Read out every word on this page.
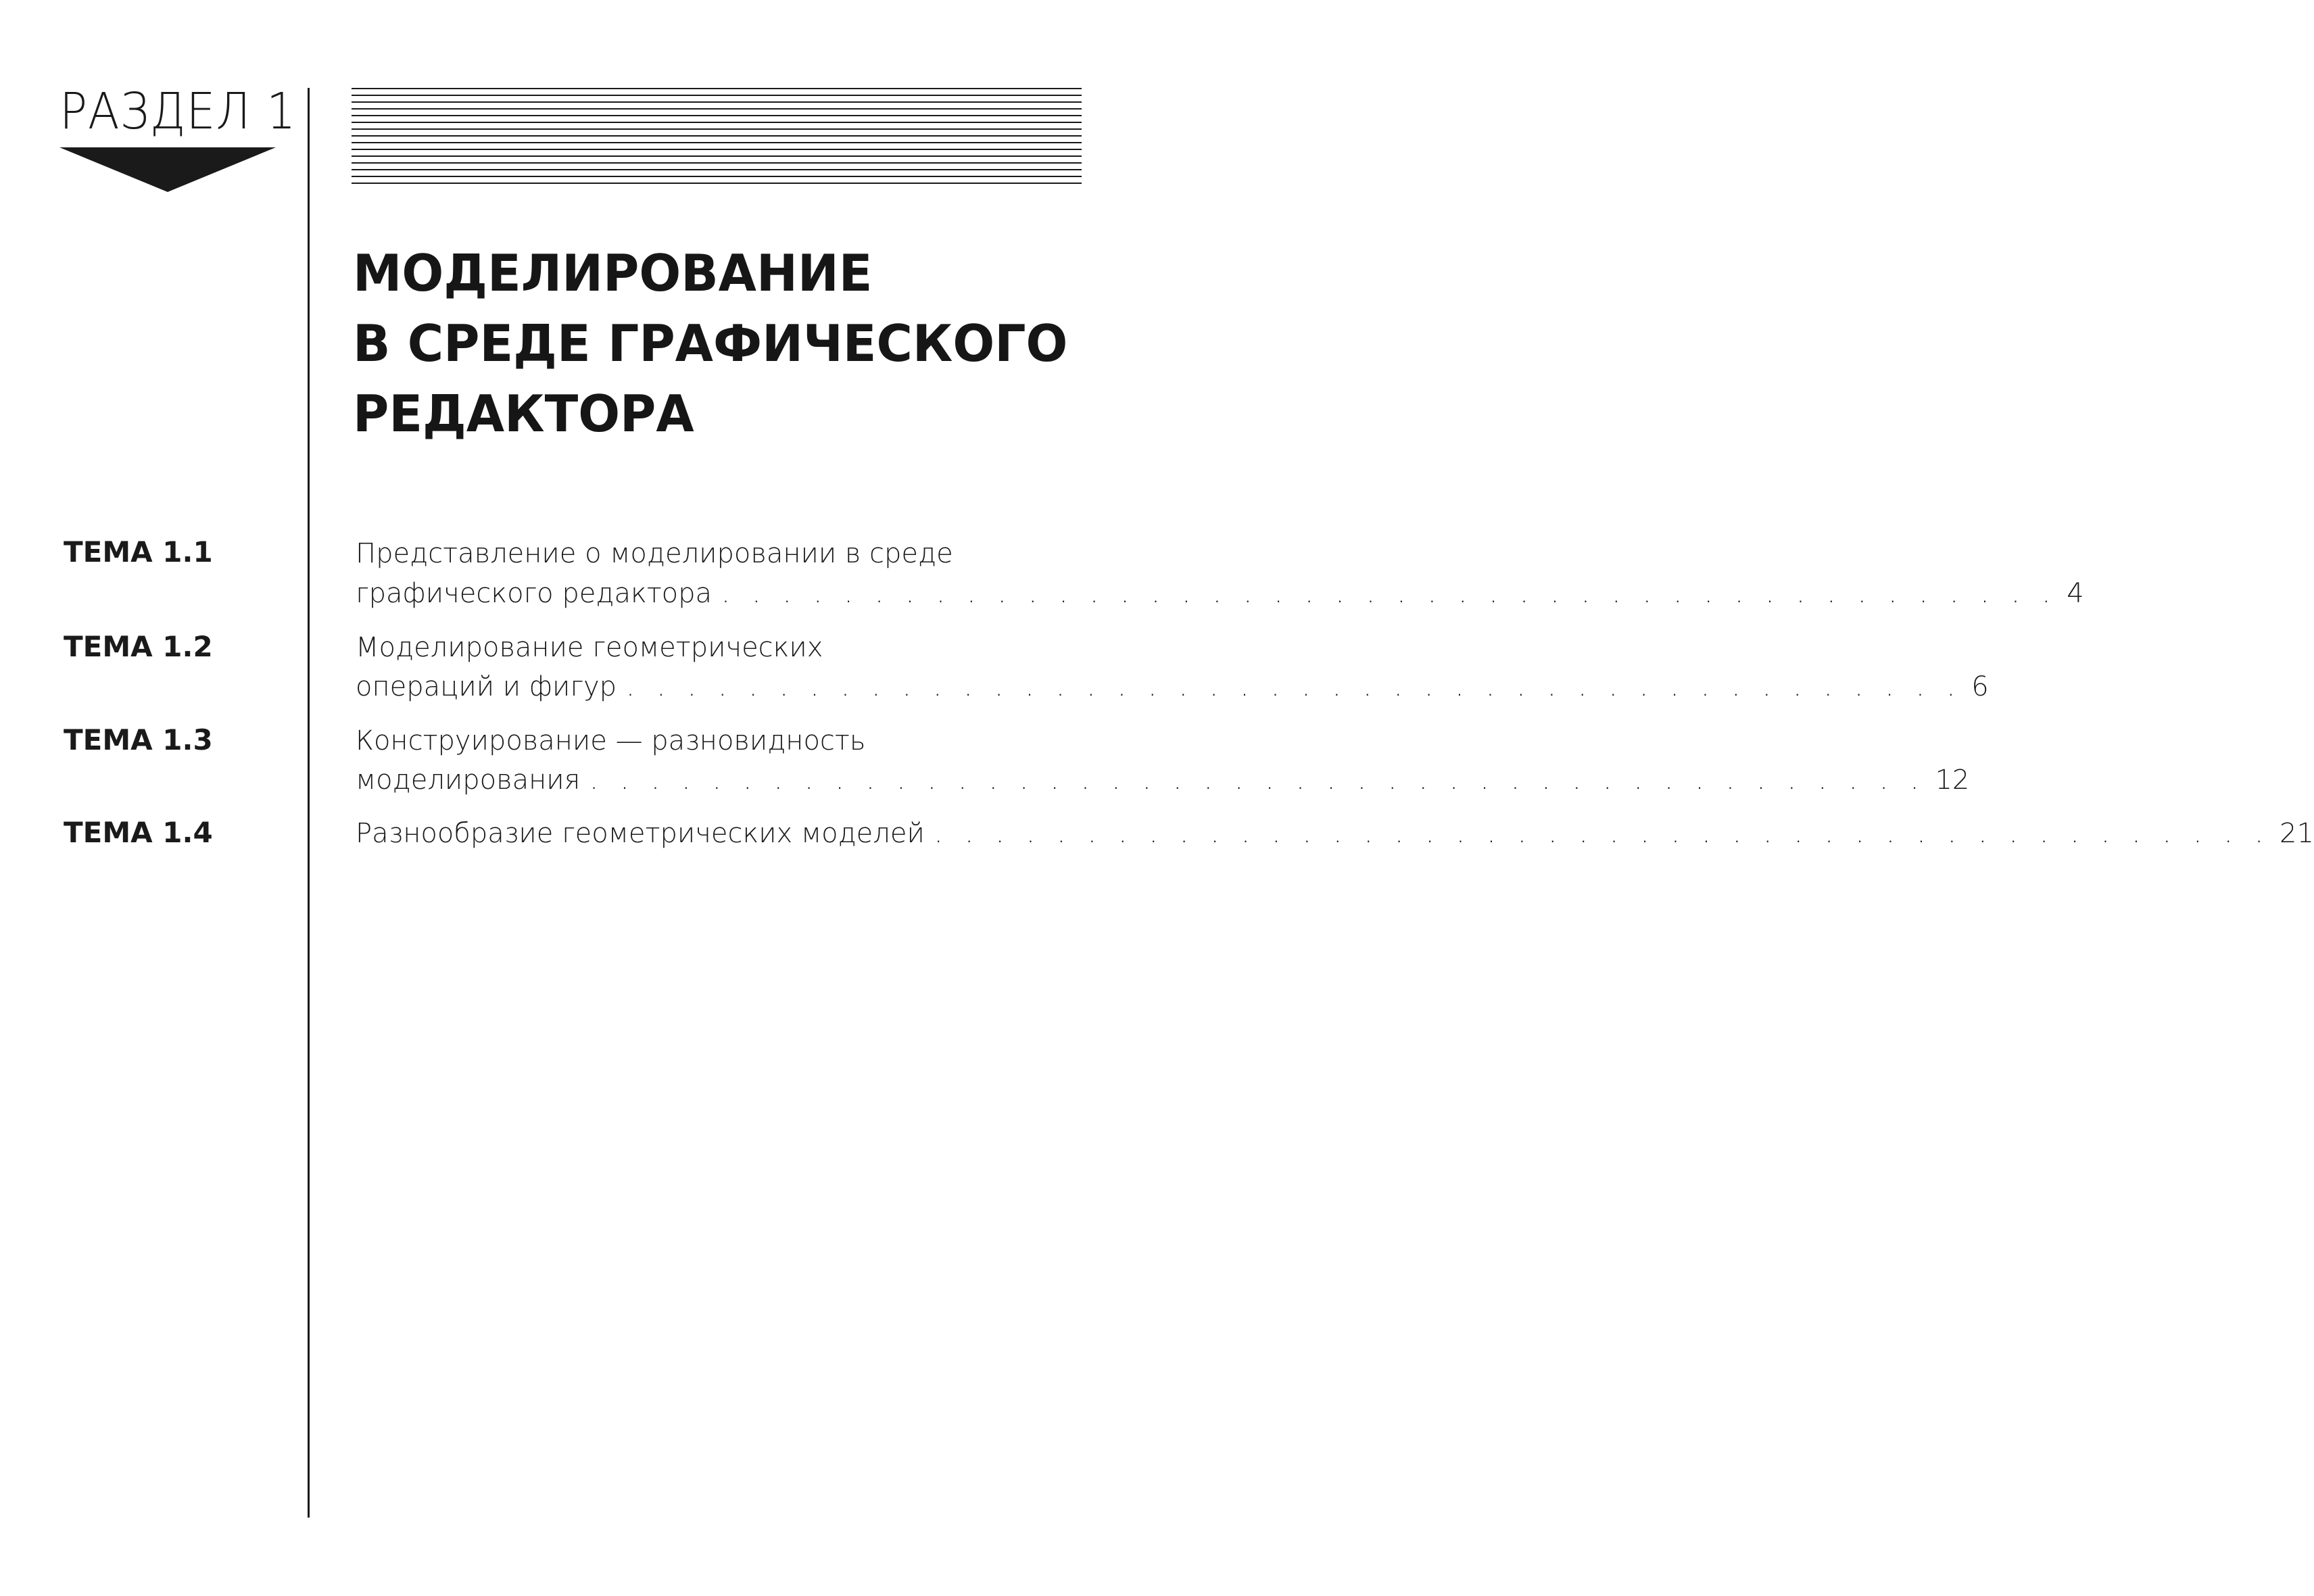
РАЗДЕЛ 1
МОДЕЛИРОВАНИЕ
В СРЕДЕ ГРАФИЧЕСКОГО
РЕДАКТОРА
ТЕМА 1.1
ТЕМА 1.2
ТЕМА 1.3
ТЕМА 1.4
Представление о моделировании в среде
графического редактора . . . . . . . . . . . . . . . . . . . . . . . . . . . . . . . . . . . . . . . . . . . . 4
Моделирование геометрических
операций и фигур . . . . . . . . . . . . . . . . . . . . . . . . . . . . . . . . . . . . . . . . . . . . 6
Конструирование — разновидность
моделирования . . . . . . . . . . . . . . . . . . . . . . . . . . . . . . . . . . . . . . . . . . . . 12
Разнообразие геометрических моделей . . . . . . . . . . . . . . . . . . . . . . . . . . . . . . . . . . . . . . . . . . . . 21
